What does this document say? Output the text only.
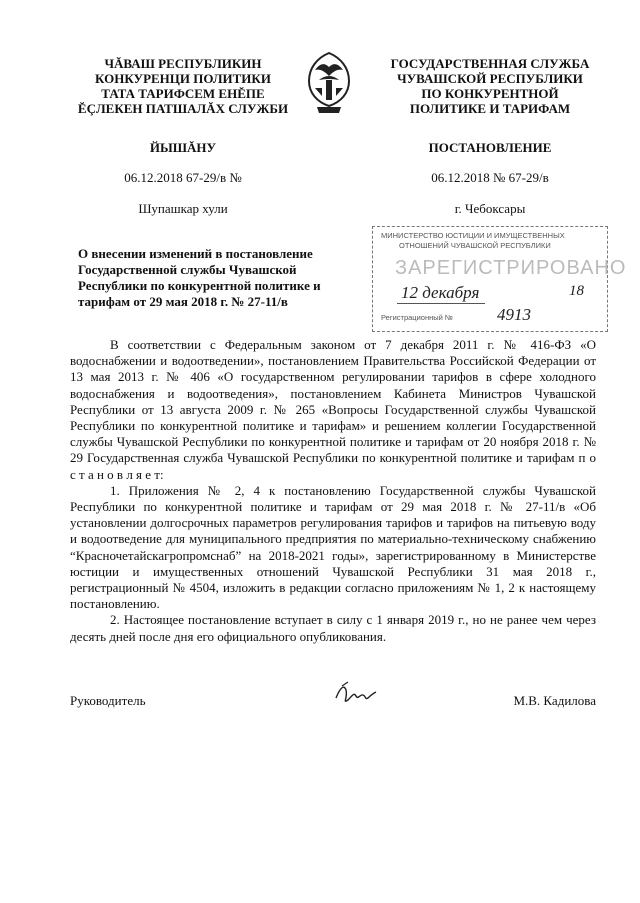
ЧĂВАШ РЕСПУБЛИКИН
КОНКУРЕНЦИ ПОЛИТИКИ
ТАТА ТАРИФСЕМ ЕНĔПЕ
ĔÇЛЕКЕН ПАТШАЛĂХ СЛУЖБИ
ГОСУДАРСТВЕННАЯ СЛУЖБА
ЧУВАШСКОЙ РЕСПУБЛИКИ
ПО КОНКУРЕНТНОЙ
ПОЛИТИКЕ И ТАРИФАМ
ЙЫШĂНУ	ПОСТАНОВЛЕНИЕ
06.12.2018 67-29/в №	06.12.2018 № 67-29/в
Шупашкар хули	г. Чебоксары
О внесении изменений в постановление
Государственной службы Чувашской
Республики по конкурентной политике и
тарифам от 29 мая 2018 г. № 27-11/в
МИНИСТЕРСТВО ЮСТИЦИИ И ИМУЩЕСТВЕННЫХ
ОТНОШЕНИЙ ЧУВАШСКОЙ РЕСПУБЛИКИ
ЗАРЕГИСТРИРОВАНО
12 декабря	18
Регистрационный №	4913

В соответствии с Федеральным законом от 7 декабря 2011 г. № 416-ФЗ «О водоснабжении и водоотведении», постановлением Правительства Российской Федерации от 13 мая 2013 г. № 406 «О государственном регулировании тарифов в сфере холодного водоснабжения и водоотведения», постановлением Кабинета Министров Чувашской Республики от 13 августа 2009 г. № 265 «Вопросы Государственной службы Чувашской Республики по конкурентной политике и тарифам» и решением коллегии Государственной службы Чувашской Республики по конкурентной политике и тарифам от 20 ноября 2018 г. № 29 Государственная служба Чувашской Республики по конкурентной политике и тарифам п о с т а н о в л я е т:

1. Приложения № 2, 4 к постановлению Государственной службы Чувашской Республики по конкурентной политике и тарифам от 29 мая 2018 г. № 27-11/в «Об установлении долгосрочных параметров регулирования тарифов и тарифов на питьевую воду и водоотведение для муниципального предприятия по материально-техническому снабжению “Красночетайскагропромснаб” на 2018-2021 годы», зарегистрированному в Министерстве юстиции и имущественных отношений Чувашской Республики 31 мая 2018 г., регистрационный № 4504, изложить в редакции согласно приложениям № 1, 2 к настоящему постановлению.

2. Настоящее постановление вступает в силу с 1 января 2019 г., но не ранее чем через десять дней после дня его официального опубликования.

Руководитель	М.В. Кадилова
